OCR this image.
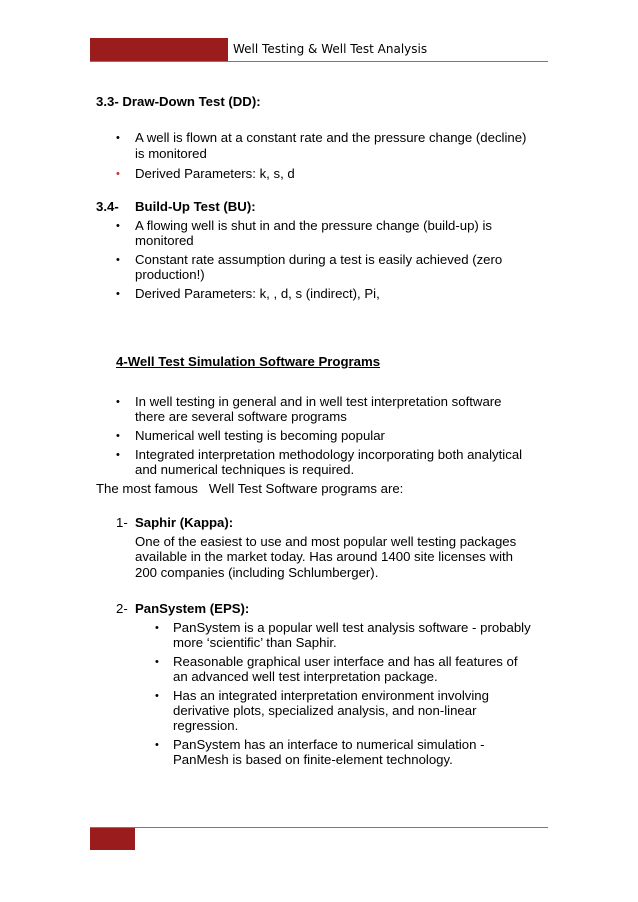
Well Testing & Well Test Analysis
3.3- Draw-Down Test (DD):
• A well is flown at a constant rate and the pressure change (decline)
is monitored
• Derived Parameters: k, s, d
3.4- Build-Up Test (BU):
• A flowing well is shut in and the pressure change (build-up) is
monitored
• Constant rate assumption during a test is easily achieved (zero
production!)
• Derived Parameters: k, , d, s (indirect), Pi,
4-Well Test Simulation Software Programs
• In well testing in general and in well test interpretation software
there are several software programs
• Numerical well testing is becoming popular
• Integrated interpretation methodology incorporating both analytical
and numerical techniques is required.
The most famous   Well Test Software programs are:
1- Saphir (Kappa):
One of the easiest to use and most popular well testing packages
available in the market today. Has around 1400 site licenses with
200 companies (including Schlumberger).
2- PanSystem (EPS):
• PanSystem is a popular well test analysis software - probably
more ‘scientific’ than Saphir.
• Reasonable graphical user interface and has all features of
an advanced well test interpretation package.
• Has an integrated interpretation environment involving
derivative plots, specialized analysis, and non-linear
regression.
• PanSystem has an interface to numerical simulation -
PanMesh is based on finite-element technology.
